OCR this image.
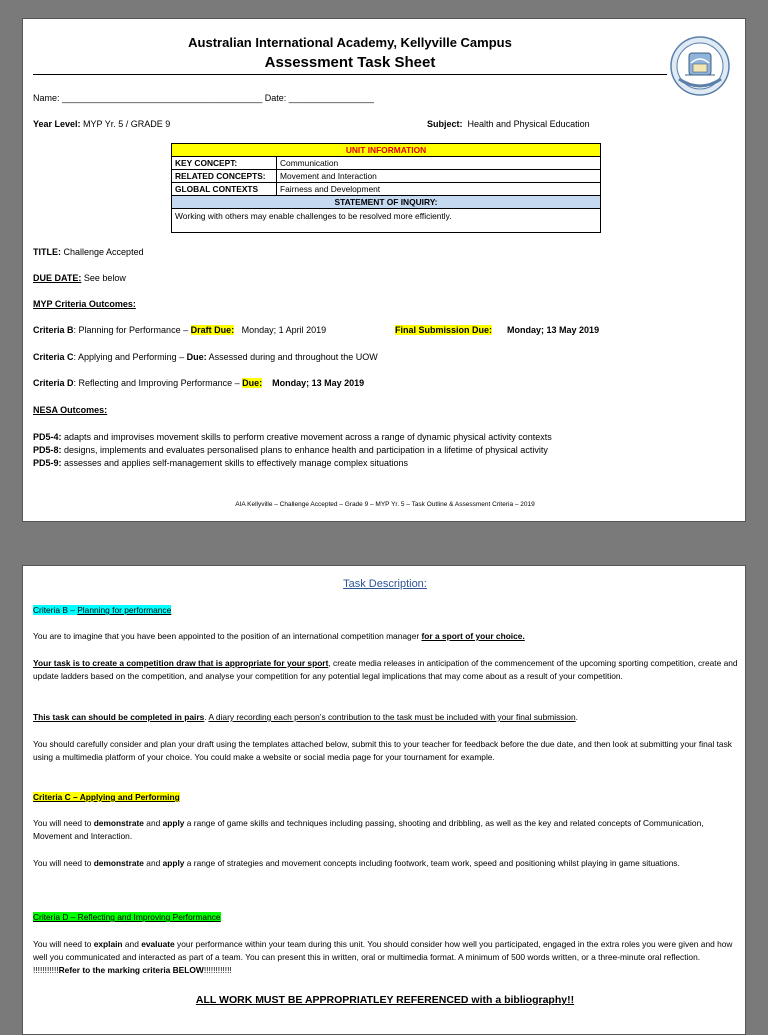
Australian International Academy, Kellyville Campus
Assessment Task Sheet
Name: ________________________________________ Date: _________________
Year Level: MYP Yr. 5 / GRADE 9	Subject: Health and Physical Education
UNIT INFORMATION	
KEY CONCEPT:	Communication
RELATED CONCEPTS:	Movement and Interaction
GLOBAL CONTEXTS	Fairness and Development
STATEMENT OF INQUIRY:	
Working with others may enable challenges to be resolved more efficiently.	
TITLE: Challenge Accepted
DUE DATE: See below
MYP Criteria Outcomes:
Criteria B: Planning for Performance – Draft Due: Monday; 1 April 2019	Final Submission Due: Monday; 13 May 2019
Criteria C: Applying and Performing – Due: Assessed during and throughout the UOW
Criteria D: Reflecting and Improving Performance – Due: Monday; 13 May 2019
NESA Outcomes:
PD5-4: adapts and improvises movement skills to perform creative movement across a range of dynamic physical activity contexts
PD5-8: designs, implements and evaluates personalised plans to enhance health and participation in a lifetime of physical activity
PD5-9: assesses and applies self-management skills to effectively manage complex situations
AIA Kellyville – Challenge Accepted – Grade 9 – MYP Yr. 5 – Task Outline & Assessment Criteria – 2019
Task Description:
Criteria B – Planning for performance
You are to imagine that you have been appointed to the position of an international competition manager for a sport of your choice.
Your task is to create a competition draw that is appropriate for your sport, create media releases in anticipation of the commencement of the upcoming sporting competition, create and update ladders based on the competition, and analyse your competition for any potential legal implications that may come about as a result of your competition.
This task can should be completed in pairs. A diary recording each person’s contribution to the task must be included with your final submission.
You should carefully consider and plan your draft using the templates attached below, submit this to your teacher for feedback before the due date, and then look at submitting your final task using a multimedia platform of your choice. You could make a website or social media page for your tournament for example.
Criteria C – Applying and Performing
You will need to demonstrate and apply a range of game skills and techniques including passing, shooting and dribbling, as well as the key and related concepts of Communication, Movement and Interaction.
You will need to demonstrate and apply a range of strategies and movement concepts including footwork, team work, speed and positioning whilst playing in game situations.
Criteria D – Reflecting and Improving Performance
You will need to explain and evaluate your performance within your team during this unit. You should consider how well you participated, engaged in the extra roles you were given and how well you communicated and interacted as part of a team. You can present this in written, oral or multimedia format. A minimum of 500 words written, or a three-minute oral reflection. !!!!!!!!!!!Refer to the marking criteria BELOW!!!!!!!!!!!!
ALL WORK MUST BE APPROPRIATLEY REFERENCED with a bibliography!!
